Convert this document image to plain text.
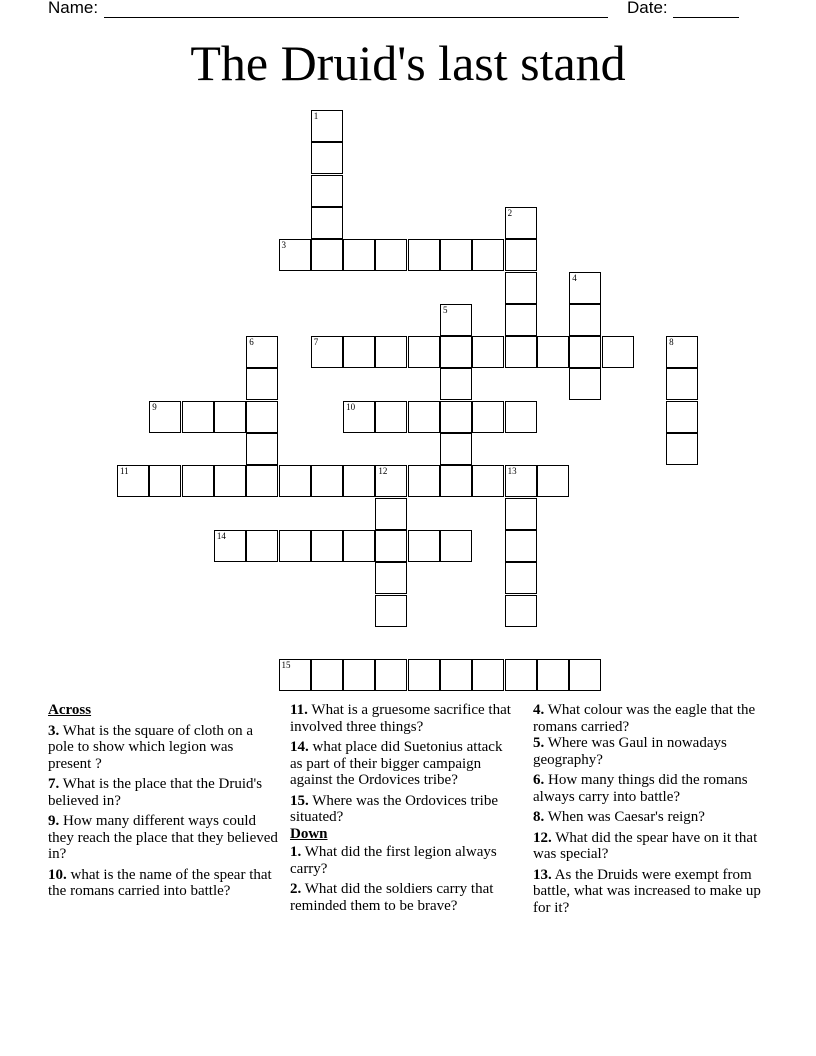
Name:	Date:
The Druid's last stand
1
2
3
4
5
6	7	8
9	10
11	12	13
14
15
Across
3. What is the square of cloth on a pole to show which legion was present ?
7. What is the place that the Druid's believed in?
9. How many different ways could they reach the place that they believed in?
10. what is the name of the spear that the romans carried into battle?
11. What is a gruesome sacrifice that involved three things?
14. what place did Suetonius attack as part of their bigger campaign against the Ordovices tribe?
15. Where was the Ordovices tribe situated?
Down
1. What did the first legion always carry?
2. What did the soldiers carry that reminded them to be brave?
4. What colour was the eagle that the romans carried?
5. Where was Gaul in nowadays geography?
6. How many things did the romans always carry into battle?
8. When was Caesar's reign?
12. What did the spear have on it that was special?
13. As the Druids were exempt from battle, what was increased to make up for it?
